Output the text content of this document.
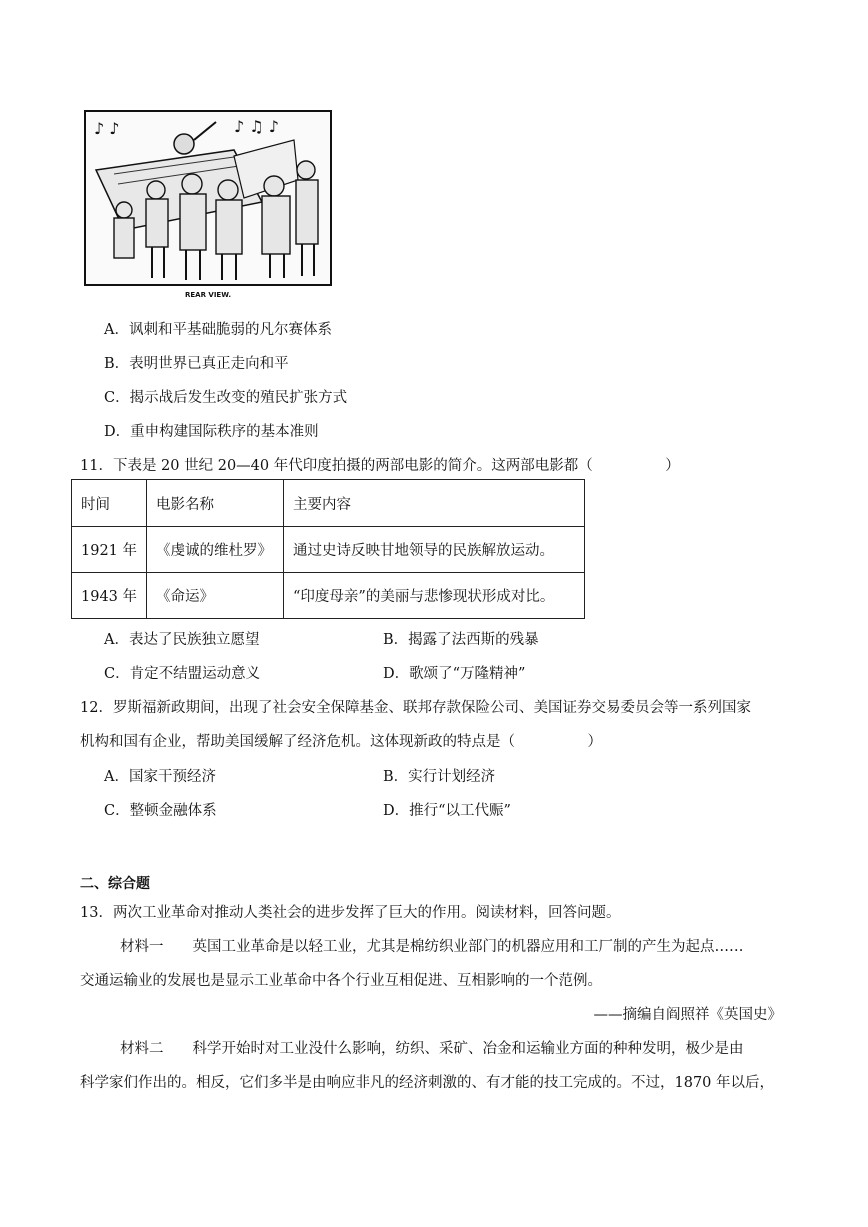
♪ ♪	♪ ♫ ♪
REAR VIEW.
A．讽刺和平基础脆弱的凡尔赛体系
B．表明世界已真正走向和平
C．揭示战后发生改变的殖民扩张方式
D．重申构建国际秩序的基本准则
11．下表是 20 世纪 20—40 年代印度拍摄的两部电影的简介。这两部电影都（　　　　　）
时间	电影名称	主要内容
1921 年	《虔诚的维杜罗》	通过史诗反映甘地领导的民族解放运动。
1943 年	《命运》	“印度母亲”的美丽与悲惨现状形成对比。
A．表达了民族独立愿望	B．揭露了法西斯的残暴
C．肯定不结盟运动意义	D．歌颂了“万隆精神”
12．罗斯福新政期间，出现了社会安全保障基金、联邦存款保险公司、美国证券交易委员会等一系列国家
机构和国有企业，帮助美国缓解了经济危机。这体现新政的特点是（　　　　　）
A．国家干预经济	B．实行计划经济
C．整顿金融体系	D．推行“以工代赈”
二、综合题
13．两次工业革命对推动人类社会的进步发挥了巨大的作用。阅读材料，回答问题。
材料一　　英国工业革命是以轻工业，尤其是棉纺织业部门的机器应用和工厂制的产生为起点……
交通运输业的发展也是显示工业革命中各个行业互相促进、互相影响的一个范例。
——摘编自阎照祥《英国史》
材料二　　科学开始时对工业没什么影响，纺织、采矿、冶金和运输业方面的种种发明，极少是由
科学家们作出的。相反，它们多半是由响应非凡的经济刺激的、有才能的技工完成的。不过，1870 年以后，
